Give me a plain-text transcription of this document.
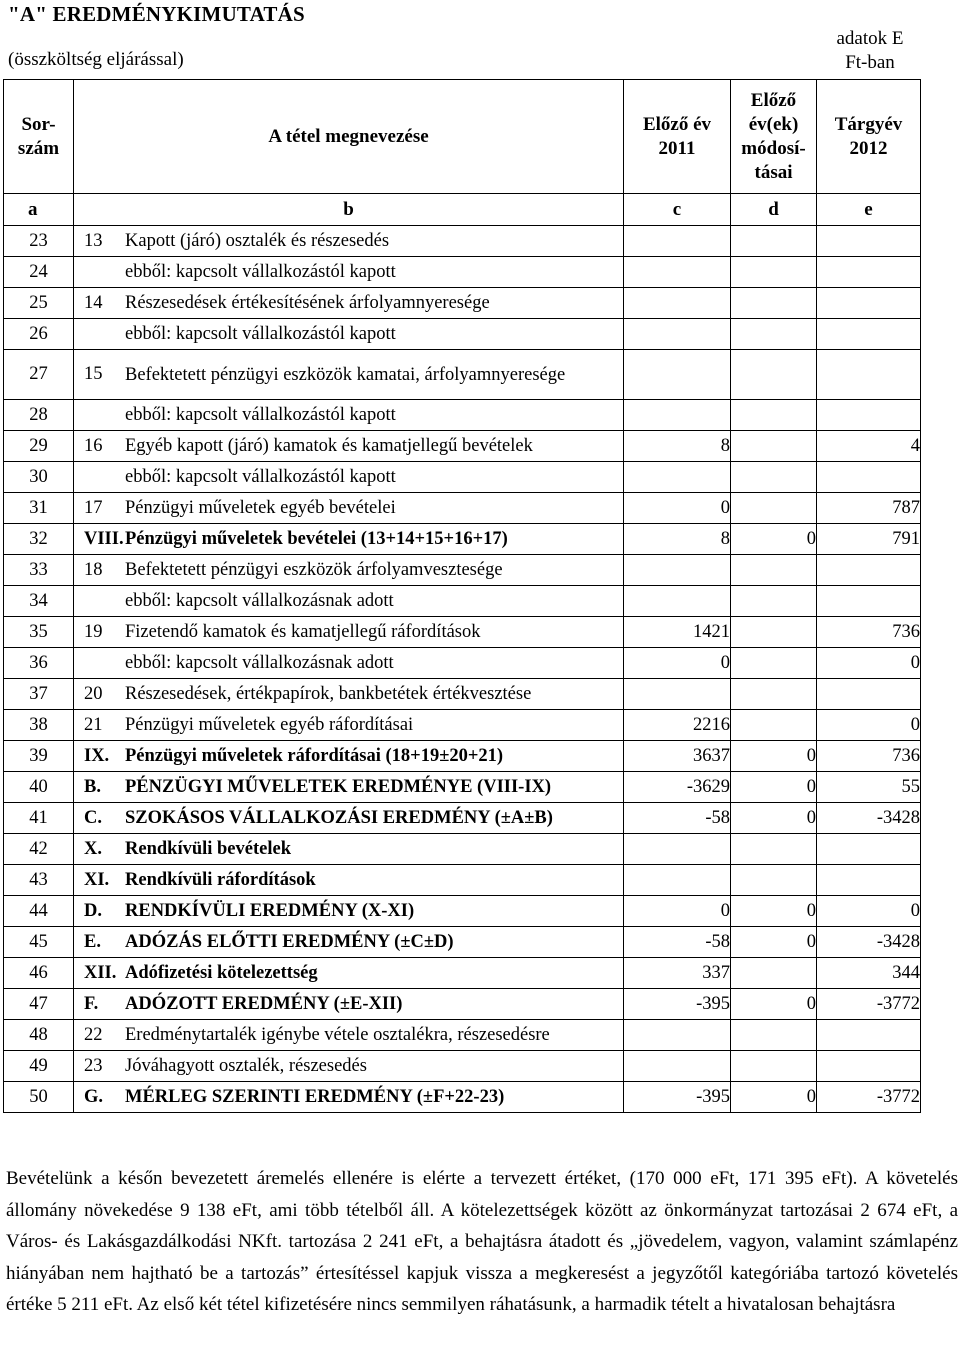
"A" EREDMÉNYKIMUTATÁS
(összköltség eljárással)
adatok E
Ft-ban
Sor-szám	A tétel megnevezése	Előző év 2011	Előző év(ek) módosí-tásai	Tárgyév 2012
a	b	c	d	e
23	13 Kapott (járó) osztalék és részesedés			

24	ebből: kapcsolt vállalkozástól kapott			

25	14 Részesedések értékesítésének árfolyamnyeresége			

26	ebből: kapcsolt vállalkozástól kapott			

27	15 Befektetett pénzügyi eszközök kamatai, árfolyamnyeresége			

28	ebből: kapcsolt vállalkozástól kapott			

29	16 Egyéb kapott (járó) kamatok és kamatjellegű bevételek	8		4
30	ebből: kapcsolt vállalkozástól kapott			

31	17 Pénzügyi műveletek egyéb bevételei	0		787
32	VIII. Pénzügyi műveletek bevételei (13+14+15+16+17)	8	0	791
33	18 Befektetett pénzügyi eszközök árfolyamvesztesége			

34	ebből: kapcsolt vállalkozásnak adott			

35	19 Fizetendő kamatok és kamatjellegű ráfordítások	1421		736
36	ebből: kapcsolt vállalkozásnak adott	0		0
37	20 Részesedések, értékpapírok, bankbetétek értékvesztése			

38	21 Pénzügyi műveletek egyéb ráfordításai	2216		0
39	IX. Pénzügyi műveletek ráfordításai (18+19±20+21)	3637	0	736
40	B. PÉNZÜGYI MŰVELETEK EREDMÉNYE (VIII-IX)	-3629	0	55
41	C. SZOKÁSOS VÁLLALKOZÁSI EREDMÉNY (±A±B)	-58	0	-3428
42	X. Rendkívüli bevételek			

43	XI. Rendkívüli ráfordítások			

44	D. RENDKÍVÜLI EREDMÉNY (X-XI)	0	0	0
45	E. ADÓZÁS ELŐTTI EREDMÉNY (±C±D)	-58	0	-3428
46	XII. Adófizetési kötelezettség	337		344
47	F. ADÓZOTT EREDMÉNY (±E-XII)	-395	0	-3772
48	22 Eredménytartalék igénybe vétele osztalékra, részesedésre			

49	23 Jóváhagyott osztalék, részesedés			

50	G. MÉRLEG SZERINTI EREDMÉNY (±F+22-23)	-395	0	-3772
Bevételünk a későn bevezetett áremelés ellenére is elérte a tervezett értéket, (170 000 eFt, 171 395 eFt). A követelés állomány növekedése 9 138 eFt, ami több tételből áll. A kötelezettségek között az önkormányzat tartozásai 2 674 eFt, a Város- és Lakásgazdálkodási NKft. tartozása 2 241 eFt, a behajtásra átadott és „jövedelem, vagyon, valamint számlapénz hiányában nem hajtható be a tartozás” értesítéssel kapjuk vissza a megkeresést a jegyzőtől kategóriába tartozó követelés értéke 5 211 eFt. Az első két tétel kifizetésére nincs semmilyen ráhatásunk, a harmadik tételt a hivatalosan behajtásra
